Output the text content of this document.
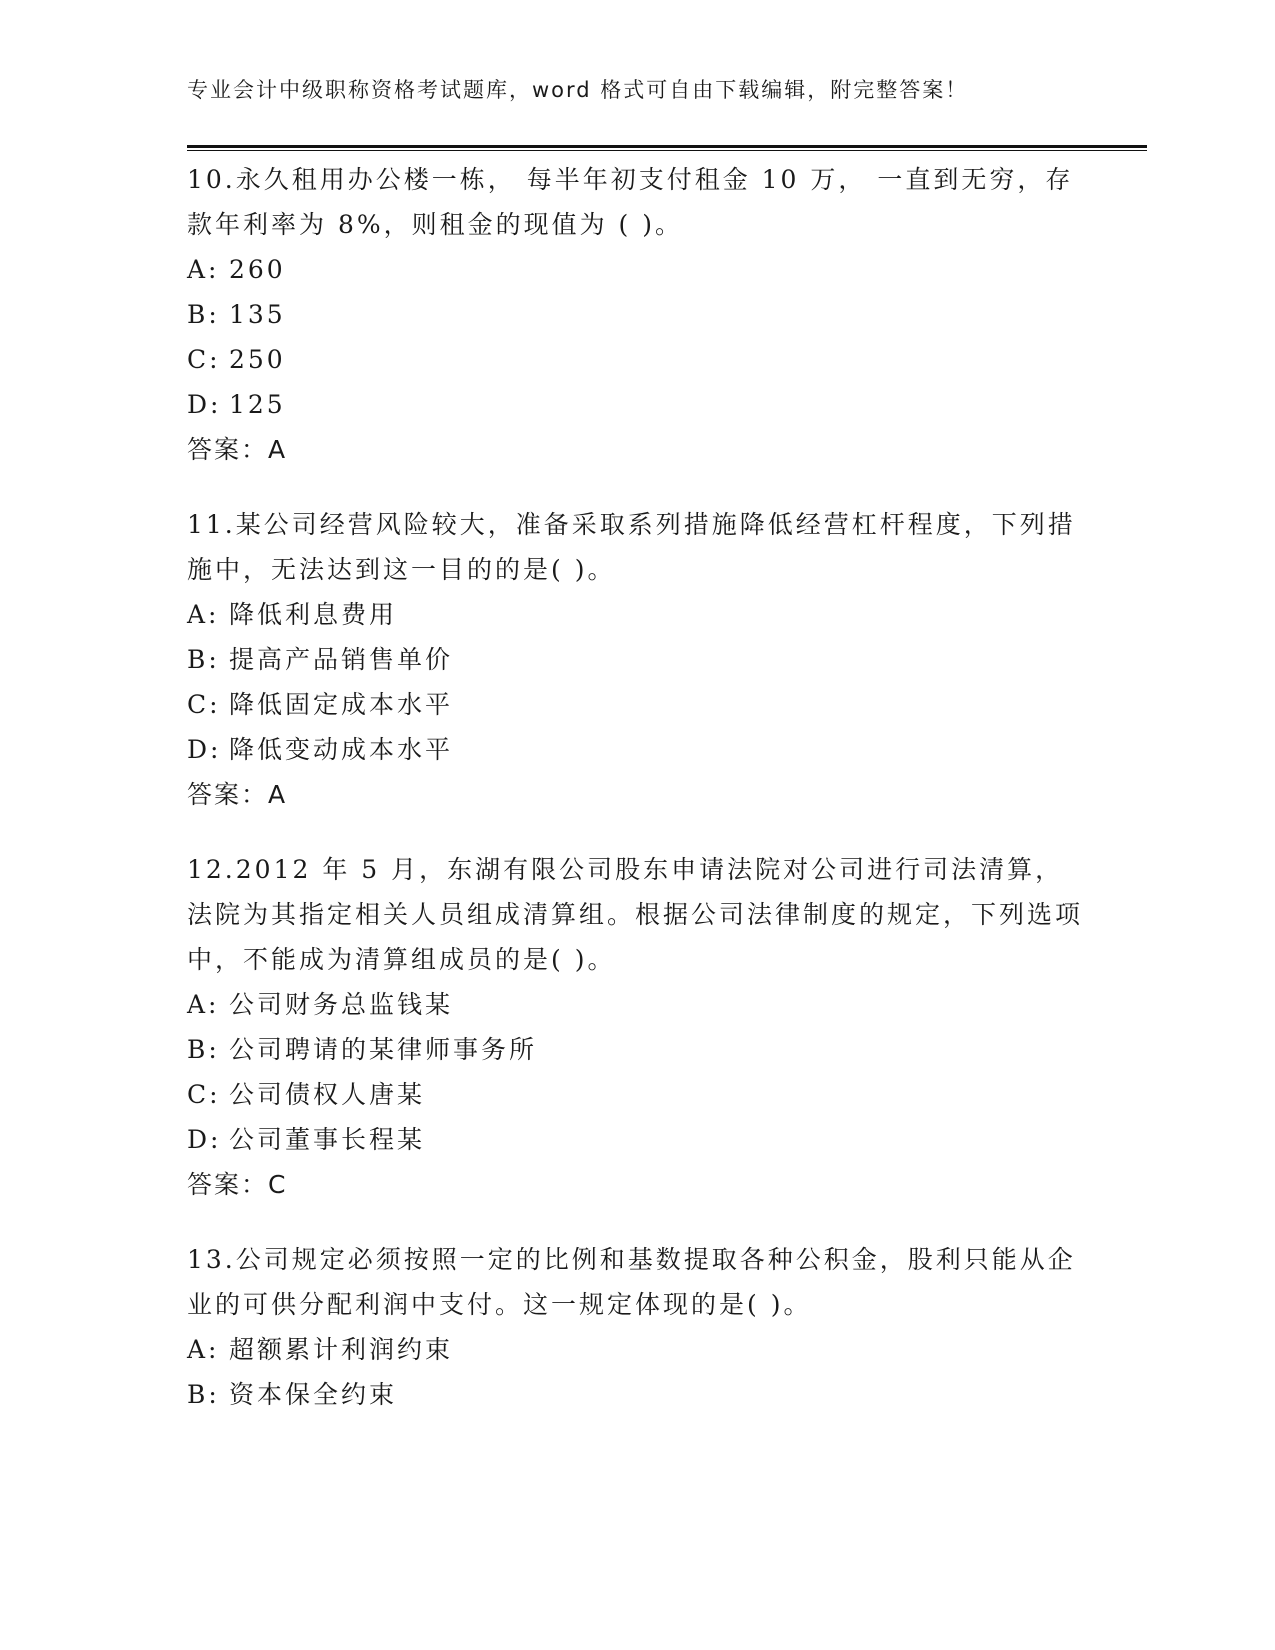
专业会计中级职称资格考试题库，word 格式可自由下载编辑，附完整答案！

10.永久租用办公楼一栋， 每半年初支付租金 10 万， 一直到无穷，存款年利率为 8%，则租金的现值为 ( )。

A: 260
B: 135
C: 250
D: 125
答案：A

11.某公司经营风险较大，准备采取系列措施降低经营杠杆程度，下列措施中，无法达到这一目的的是( )。

A: 降低利息费用
B: 提高产品销售单价
C: 降低固定成本水平
D: 降低变动成本水平
答案：A

12.2012 年 5 月，东湖有限公司股东申请法院对公司进行司法清算，法院为其指定相关人员组成清算组。根据公司法律制度的规定，下列选项中，不能成为清算组成员的是( )。

A: 公司财务总监钱某
B: 公司聘请的某律师事务所
C: 公司债权人唐某
D: 公司董事长程某
答案：C

13.公司规定必须按照一定的比例和基数提取各种公积金，股利只能从企业的可供分配利润中支付。这一规定体现的是( )。

A: 超额累计利润约束
B: 资本保全约束
